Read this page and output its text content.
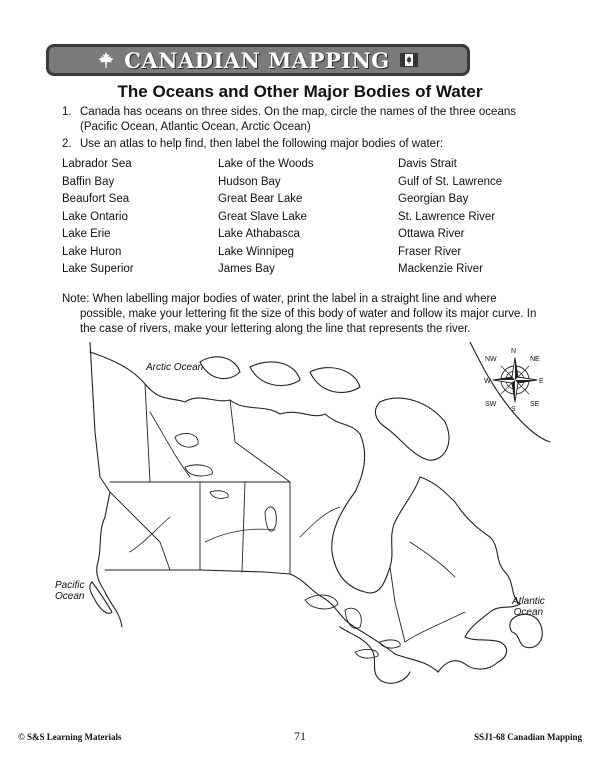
CANADIAN MAPPING
The Oceans and Other Major Bodies of Water
1. Canada has oceans on three sides. On the map, circle the names of the three oceans (Pacific Ocean, Atlantic Ocean, Arctic Ocean)
2. Use an atlas to help find, then label the following major bodies of water:
Labrador Sea
Baffin Bay
Beaufort Sea
Lake Ontario
Lake Erie
Lake Huron
Lake Superior
Lake of the Woods
Hudson Bay
Great Bear Lake
Great Slave Lake
Lake Athabasca
Lake Winnipeg
James Bay
Davis Strait
Gulf of St. Lawrence
Georgian Bay
St. Lawrence River
Ottawa River
Fraser River
Mackenzie River
Note: When labelling major bodies of water, print the label in a straight line and where
possible, make your lettering fit the size of this body of water and follow its major curve. In
the case of rivers, make your lettering along the line that represents the river.
N
S
E
W
NW	NE
SW	SE
Arctic Ocean
Pacific
Ocean	Atlantic
Ocean
© S&S Learning Materials	71	SSJ1-68 Canadian Mapping
